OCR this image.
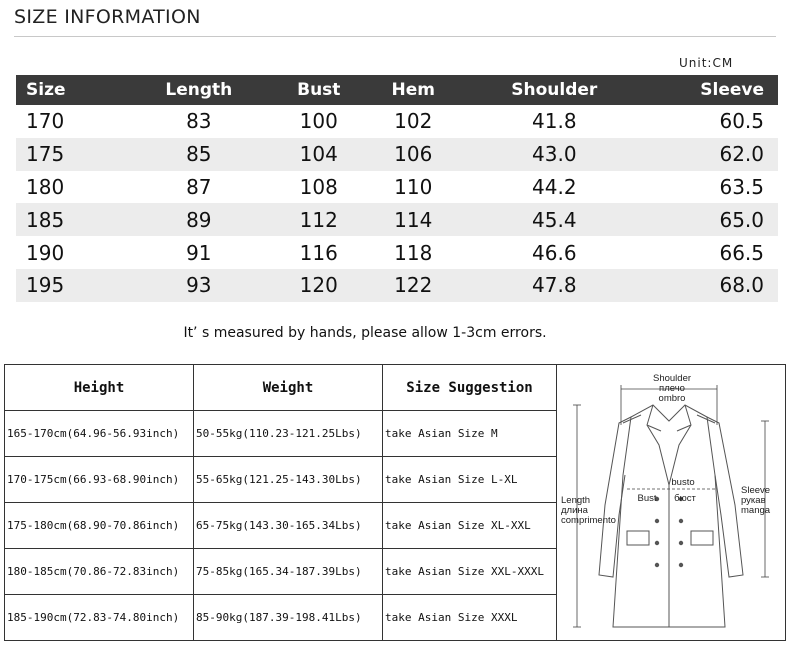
SIZE INFORMATION
Unit:CM
Size	Length	Bust	Hem	Shoulder	Sleeve
170	83	100	102	41.8	60.5
175	85	104	106	43.0	62.0
180	87	108	110	44.2	63.5
185	89	112	114	45.4	65.0
190	91	116	118	46.6	66.5
195	93	120	122	47.8	68.0
It’ s measured by hands, please allow 1-3cm errors.
Height	Weight	Size Suggestion
165-170cm(64.96-56.93inch)	50-55kg(110.23-121.25Lbs)	take Asian Size M
170-175cm(66.93-68.90inch)	55-65kg(121.25-143.30Lbs)	take Asian Size L-XL
175-180cm(68.90-70.86inch)	65-75kg(143.30-165.34Lbs)	take Asian Size XL-XXL
180-185cm(70.86-72.83inch)	75-85kg(165.34-187.39Lbs)	take Asian Size XXL-XXXL
185-190cm(72.83-74.80inch)	85-90kg(187.39-198.41Lbs)	take Asian Size XXXL
Shoulder
плечо
ombro
Bust
busto
бюст
Length
длина
comprimento
Sleeve
рукав
manga
